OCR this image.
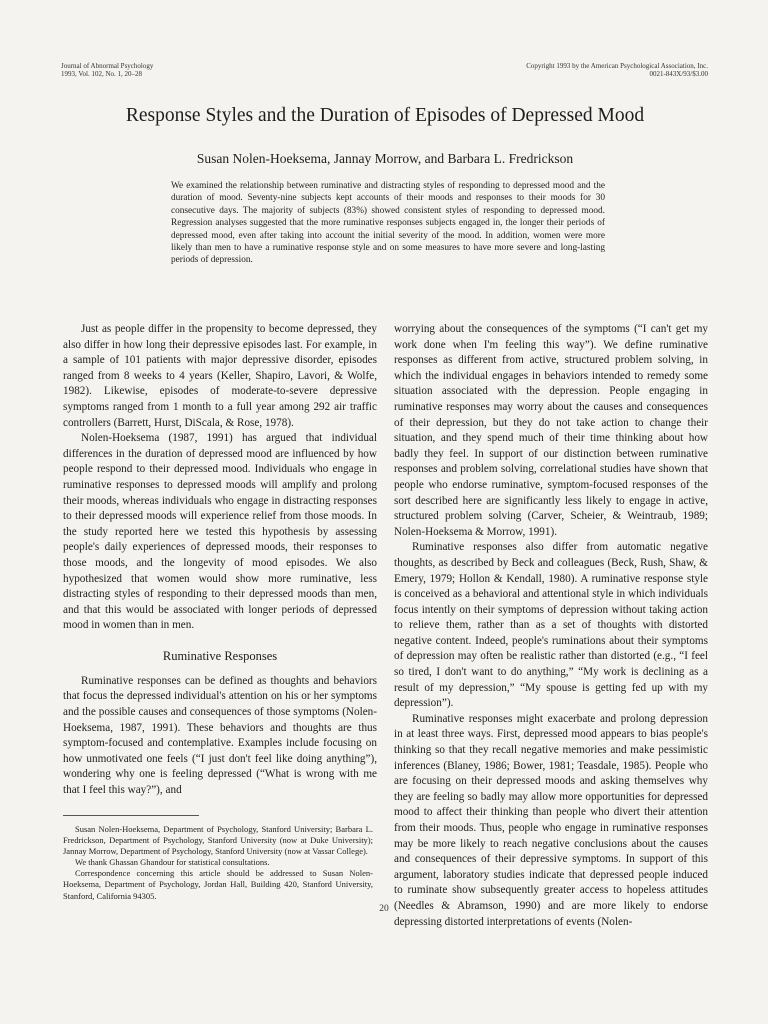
Journal of Abnormal Psychology
1993, Vol. 102, No. 1, 20–28
Copyright 1993 by the American Psychological Association, Inc.
0021-843X/93/$3.00
Response Styles and the Duration of Episodes of Depressed Mood
Susan Nolen-Hoeksema, Jannay Morrow, and Barbara L. Fredrickson
We examined the relationship between ruminative and distracting styles of responding to depressed mood and the duration of mood. Seventy-nine subjects kept accounts of their moods and responses to their moods for 30 consecutive days. The majority of subjects (83%) showed consistent styles of responding to depressed mood. Regression analyses suggested that the more ruminative responses subjects engaged in, the longer their periods of depressed mood, even after taking into account the initial severity of the mood. In addition, women were more likely than men to have a ruminative response style and on some measures to have more severe and long-lasting periods of depression.

Just as people differ in the propensity to become depressed, they also differ in how long their depressive episodes last. For example, in a sample of 101 patients with major depressive disorder, episodes ranged from 8 weeks to 4 years (Keller, Shapiro, Lavori, & Wolfe, 1982). Likewise, episodes of moderate-to-severe depressive symptoms ranged from 1 month to a full year among 292 air traffic controllers (Barrett, Hurst, DiScala, & Rose, 1978).

Nolen-Hoeksema (1987, 1991) has argued that individual differences in the duration of depressed mood are influenced by how people respond to their depressed mood. Individuals who engage in ruminative responses to depressed moods will amplify and prolong their moods, whereas individuals who engage in distracting responses to their depressed moods will experience relief from those moods. In the study reported here we tested this hypothesis by assessing people's daily experiences of depressed moods, their responses to those moods, and the longevity of mood episodes. We also hypothesized that women would show more ruminative, less distracting styles of responding to their depressed moods than men, and that this would be associated with longer periods of depressed mood in women than in men.

Ruminative Responses

Ruminative responses can be defined as thoughts and behaviors that focus the depressed individual's attention on his or her symptoms and the possible causes and consequences of those symptoms (Nolen-Hoeksema, 1987, 1991). These behaviors and thoughts are thus symptom-focused and contemplative. Examples include focusing on how unmotivated one feels (“I just don't feel like doing anything”), wondering why one is feeling depressed (“What is wrong with me that I feel this way?”), and

worrying about the consequences of the symptoms (“I can't get my work done when I'm feeling this way”). We define ruminative responses as different from active, structured problem solving, in which the individual engages in behaviors intended to remedy some situation associated with the depression. People engaging in ruminative responses may worry about the causes and consequences of their depression, but they do not take action to change their situation, and they spend much of their time thinking about how badly they feel. In support of our distinction between ruminative responses and problem solving, correlational studies have shown that people who endorse ruminative, symptom-focused responses of the sort described here are significantly less likely to engage in active, structured problem solving (Carver, Scheier, & Weintraub, 1989; Nolen-Hoeksema & Morrow, 1991).

Ruminative responses also differ from automatic negative thoughts, as described by Beck and colleagues (Beck, Rush, Shaw, & Emery, 1979; Hollon & Kendall, 1980). A ruminative response style is conceived as a behavioral and attentional style in which individuals focus intently on their symptoms of depression without taking action to relieve them, rather than as a set of thoughts with distorted negative content. Indeed, people's ruminations about their symptoms of depression may often be realistic rather than distorted (e.g., “I feel so tired, I don't want to do anything,” “My work is declining as a result of my depression,” “My spouse is getting fed up with my depression”).

Ruminative responses might exacerbate and prolong depression in at least three ways. First, depressed mood appears to bias people's thinking so that they recall negative memories and make pessimistic inferences (Blaney, 1986; Bower, 1981; Teasdale, 1985). People who are focusing on their depressed moods and asking themselves why they are feeling so badly may allow more opportunities for depressed mood to affect their thinking than people who divert their attention from their moods. Thus, people who engage in ruminative responses may be more likely to reach negative conclusions about the causes and consequences of their depressive symptoms. In support of this argument, laboratory studies indicate that depressed people induced to ruminate show subsequently greater access to hopeless attitudes (Needles & Abramson, 1990) and are more likely to endorse depressing distorted interpretations of events (Nolen-

Susan Nolen-Hoeksema, Department of Psychology, Stanford University; Barbara L. Fredrickson, Department of Psychology, Stanford University (now at Duke University); Jannay Morrow, Department of Psychology, Stanford University (now at Vassar College).

We thank Ghassan Ghandour for statistical consultations.

Correspondence concerning this article should be addressed to Susan Nolen-Hoeksema, Department of Psychology, Jordan Hall, Building 420, Stanford University, Stanford, California 94305.

20
